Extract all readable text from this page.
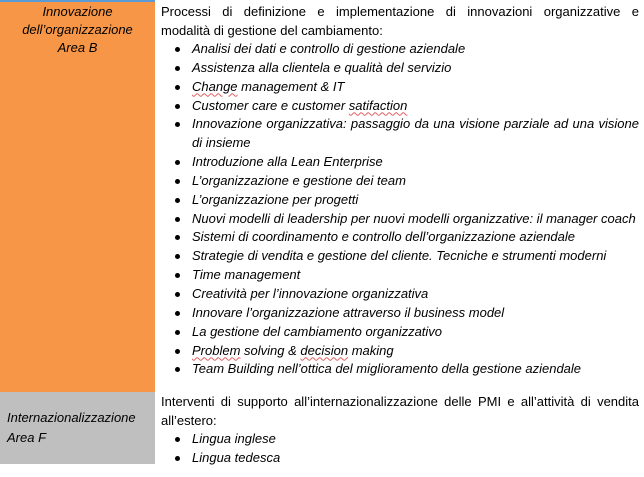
Innovazione
dell’organizzazione
Area B

Processi di definizione e implementazione di innovazioni organizzative e

modalità di gestione del cambiamento:

Analisi dei dati e controllo di gestione aziendale
Assistenza alla clientela e qualità del servizio
Change management & IT
Customer care e customer satifaction
Innovazione organizzativa: passaggio da una visione parziale ad una visione di insieme
Introduzione alla Lean Enterprise
L’organizzazione e gestione dei team
L’organizzazione per progetti
Nuovi modelli di leadership per nuovi modelli organizzative: il manager coach
Sistemi di coordinamento e controllo dell’organizzazione aziendale
Strategie di vendita e gestione del cliente. Tecniche e strumenti moderni
Time management
Creatività per l’innovazione organizzativa
Innovare l’organizzazione attraverso il business model
La gestione del cambiamento organizzativo
Problem solving & decision making
Team Building nell’ottica del miglioramento della gestione aziendale
Internazionalizzazione
Area F

Interventi di supporto all’internazionalizzazione delle PMI e all’attività di vendita

all’estero:

Lingua inglese
Lingua tedesca
